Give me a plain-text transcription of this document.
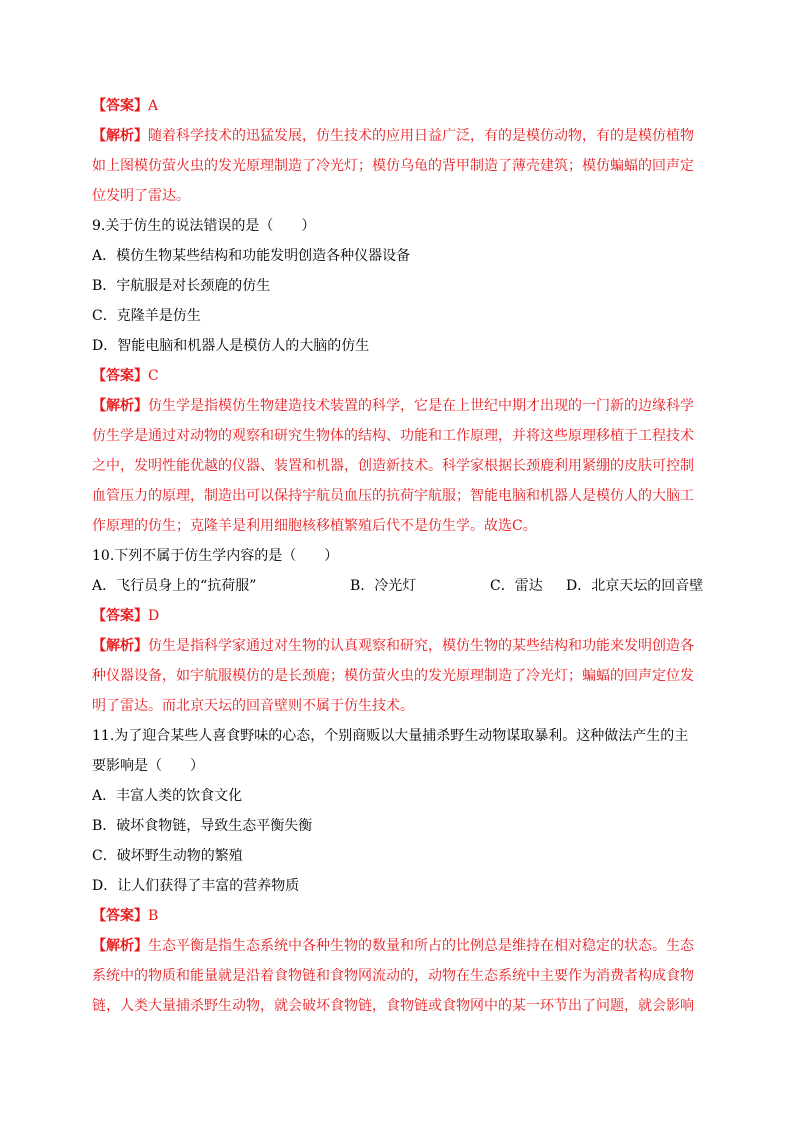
【答案】A
【解析】随着科学技术的迅猛发展，仿生技术的应用日益广泛，有的是模仿动物，有的是模仿植物
如上图模仿萤火虫的发光原理制造了冷光灯；模仿乌龟的背甲制造了薄壳建筑；模仿蝙蝠的回声定
位发明了雷达。
9.关于仿生的说法错误的是（　　）
A．模仿生物某些结构和功能发明创造各种仪器设备
B．宇航服是对长颈鹿的仿生
C．克隆羊是仿生
D．智能电脑和机器人是模仿人的大脑的仿生
【答案】C
【解析】仿生学是指模仿生物建造技术装置的科学，它是在上世纪中期才出现的一门新的边缘科学
仿生学是通过对动物的观察和研究生物体的结构、功能和工作原理，并将这些原理移植于工程技术
之中，发明性能优越的仪器、装置和机器，创造新技术。科学家根据长颈鹿利用紧绷的皮肤可控制
血管压力的原理，制造出可以保持宇航员血压的抗荷宇航服；智能电脑和机器人是模仿人的大脑工
作原理的仿生；克隆羊是利用细胞核移植繁殖后代不是仿生学。故选C。
10.下列不属于仿生学内容的是（　　）
A．飞行员身上的“抗荷服”	B．冷光灯	C．雷达 D．北京天坛的回音壁
【答案】D
【解析】仿生是指科学家通过对生物的认真观察和研究，模仿生物的某些结构和功能来发明创造各
种仪器设备，如宇航服模仿的是长颈鹿；模仿萤火虫的发光原理制造了冷光灯；蝙蝠的回声定位发
明了雷达。而北京天坛的回音壁则不属于仿生技术。
11.为了迎合某些人喜食野味的心态，个别商贩以大量捕杀野生动物谋取暴利。这种做法产生的主
要影响是（　　）
A．丰富人类的饮食文化
B．破坏食物链，导致生态平衡失衡
C．破坏野生动物的繁殖
D．让人们获得了丰富的营养物质
【答案】B
【解析】生态平衡是指生态系统中各种生物的数量和所占的比例总是维持在相对稳定的状态。生态
系统中的物质和能量就是沿着食物链和食物网流动的，动物在生态系统中主要作为消费者构成食物
链，人类大量捕杀野生动物，就会破坏食物链，食物链或食物网中的某一环节出了问题，就会影响
